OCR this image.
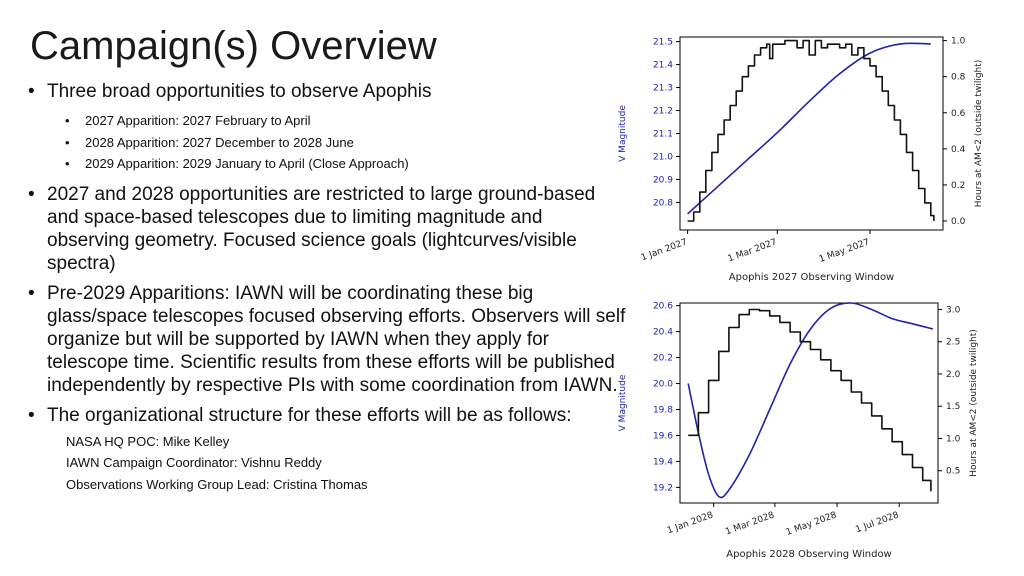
Campaign(s) Overview
• Three broad opportunities to observe Apophis
• 2027 Apparition: 2027 February to April
• 2028 Apparition: 2027 December to 2028 June
• 2029 Apparition: 2029 January to April (Close Approach)
• 2027 and 2028 opportunities are restricted to large ground-based and space-based telescopes due to limiting magnitude and observing geometry. Focused science goals (lightcurves/visible spectra)
• Pre-2029 Apparitions: IAWN will be coordinating these big glass/space telescopes focused observing efforts. Observers will self organize but will be supported by IAWN when they apply for telescope time. Scientific results from these efforts will be published independently by respective PIs with some coordination from IAWN.
• The organizational structure for these efforts will be as follows:
NASA HQ POC: Mike Kelley
IAWN Campaign Coordinator: Vishnu Reddy
Observations Working Group Lead: Cristina Thomas
21.5
21.4
21.3
21.2
21.1
21.0
20.9
20.8
1.0
0.8
0.6
0.4
0.2
0.0
1 Jan 2027	1 Mar 2027	1 May 2027
V Magnitude	Hours at AM<2 (outside twilight)
Apophis 2027 Observing Window
20.6
20.4
20.2
20.0
19.8
19.6
19.4
19.2
3.0
2.5
2.0
1.5
1.0
0.5
1 Jan 2028 1 Mar 2028 1 May 2028 1 Jul 2028
V Magnitude	Hours at AM<2 (outside twilight)
Apophis 2028 Observing Window
